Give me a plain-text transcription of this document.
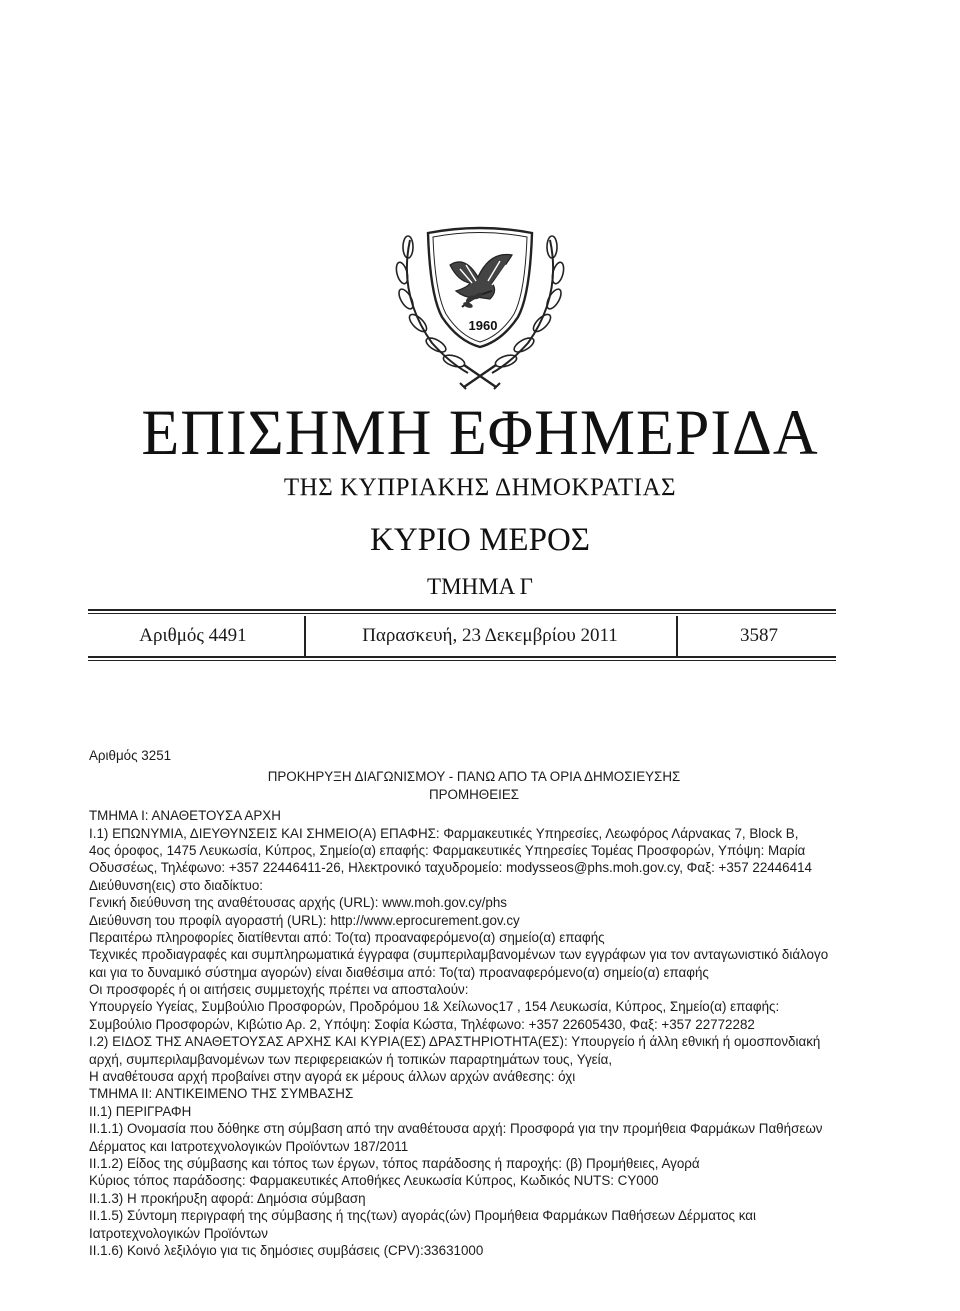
1960
ΕΠΙΣΗΜΗ ΕΦΗΜΕΡΙΔΑ
ΤΗΣ ΚΥΠΡΙΑΚΗΣ ΔΗΜΟΚΡΑΤΙΑΣ
ΚΥΡΙΟ ΜΕΡΟΣ
ΤΜΗΜΑ Γ
Αριθμός 4491	Παρασκευή, 23 Δεκεμβρίου 2011	3587
Αριθμός 3251
ΠΡΟΚΗΡΥΞΗ ΔΙΑΓΩΝΙΣΜΟΥ - ΠΑΝΩ ΑΠΟ ΤΑ ΟΡΙΑ ΔΗΜΟΣΙΕΥΣΗΣ
ΠΡΟΜΗΘΕΙΕΣ
ΤΜΗΜΑ Ι: ΑΝΑΘΕΤΟΥΣΑ ΑΡΧΗ
Ι.1) ΕΠΩΝΥΜΙΑ, ΔΙΕΥΘΥΝΣΕΙΣ ΚΑΙ ΣΗΜΕΙΟ(Α) ΕΠΑΦΗΣ: Φαρμακευτικές Υπηρεσίες, Λεωφόρος Λάρνακας 7, Block B,
4ος όροφος, 1475 Λευκωσία, Κύπρος, Σημείο(α) επαφής: Φαρμακευτικές Υπηρεσίες Τομέας Προσφορών, Υπόψη: Μαρία
Οδυσσέως, Τηλέφωνο: +357 22446411-26, Ηλεκτρονικό ταχυδρομείο: modysseos@phs.moh.gov.cy, Φαξ: +357 22446414
Διεύθυνση(εις) στο διαδίκτυο:
Γενική διεύθυνση της αναθέτουσας αρχής (URL): www.moh.gov.cy/phs
Διεύθυνση του προφίλ αγοραστή (URL): http://www.eprocurement.gov.cy
Περαιτέρω πληροφορίες διατίθενται από: Το(τα) προαναφερόμενο(α) σημείο(α) επαφής
Τεχνικές προδιαγραφές και συμπληρωματικά έγγραφα (συμπεριλαμβανομένων των εγγράφων για τον ανταγωνιστικό διάλογο
και για το δυναμικό σύστημα αγορών) είναι διαθέσιμα από: Το(τα) προαναφερόμενο(α) σημείο(α) επαφής
Οι προσφορές ή οι αιτήσεις συμμετοχής πρέπει να αποσταλούν:
Υπουργείο Υγείας, Συμβούλιο Προσφορών, Προδρόμου 1& Χείλωνος17 , 154 Λευκωσία, Κύπρος, Σημείο(α) επαφής:
Συμβούλιο Προσφορών, Κιβώτιο Αρ. 2, Υπόψη: Σοφία Κώστα, Τηλέφωνο: +357 22605430, Φαξ: +357 22772282
Ι.2) ΕΙΔΟΣ ΤΗΣ ΑΝΑΘΕΤΟΥΣΑΣ ΑΡΧΗΣ ΚΑΙ ΚΥΡΙΑ(ΕΣ) ΔΡΑΣΤΗΡΙΟΤΗΤΑ(ΕΣ): Υπουργείο ή άλλη εθνική ή ομοσπονδιακή
αρχή, συμπεριλαμβανομένων των περιφερειακών ή τοπικών παραρτημάτων τους, Υγεία,
Η αναθέτουσα αρχή προβαίνει στην αγορά εκ μέρους άλλων αρχών ανάθεσης: όχι
ΤΜΗΜΑ ΙΙ: ΑΝΤΙΚΕΙΜΕΝΟ ΤΗΣ ΣΥΜΒΑΣΗΣ
ΙΙ.1) ΠΕΡΙΓΡΑΦΗ
ΙΙ.1.1) Ονομασία που δόθηκε στη σύμβαση από την αναθέτουσα αρχή: Προσφορά για την προμήθεια Φαρμάκων Παθήσεων
Δέρματος και Ιατροτεχνολογικών Προϊόντων 187/2011
ΙΙ.1.2) Είδος της σύμβασης και τόπος των έργων, τόπος παράδοσης ή παροχής: (β) Προμήθειες, Αγορά
Κύριος τόπος παράδοσης: Φαρμακευτικές Αποθήκες Λευκωσία Κύπρος, Κωδικός NUTS: CY000
ΙΙ.1.3) Η προκήρυξη αφορά: Δημόσια σύμβαση
ΙΙ.1.5) Σύντομη περιγραφή της σύμβασης ή της(των) αγοράς(ών) Προμήθεια Φαρμάκων Παθήσεων Δέρματος και
Ιατροτεχνολογικών Προϊόντων
ΙΙ.1.6) Κοινό λεξιλόγιο για τις δημόσιες συμβάσεις (CPV):33631000
